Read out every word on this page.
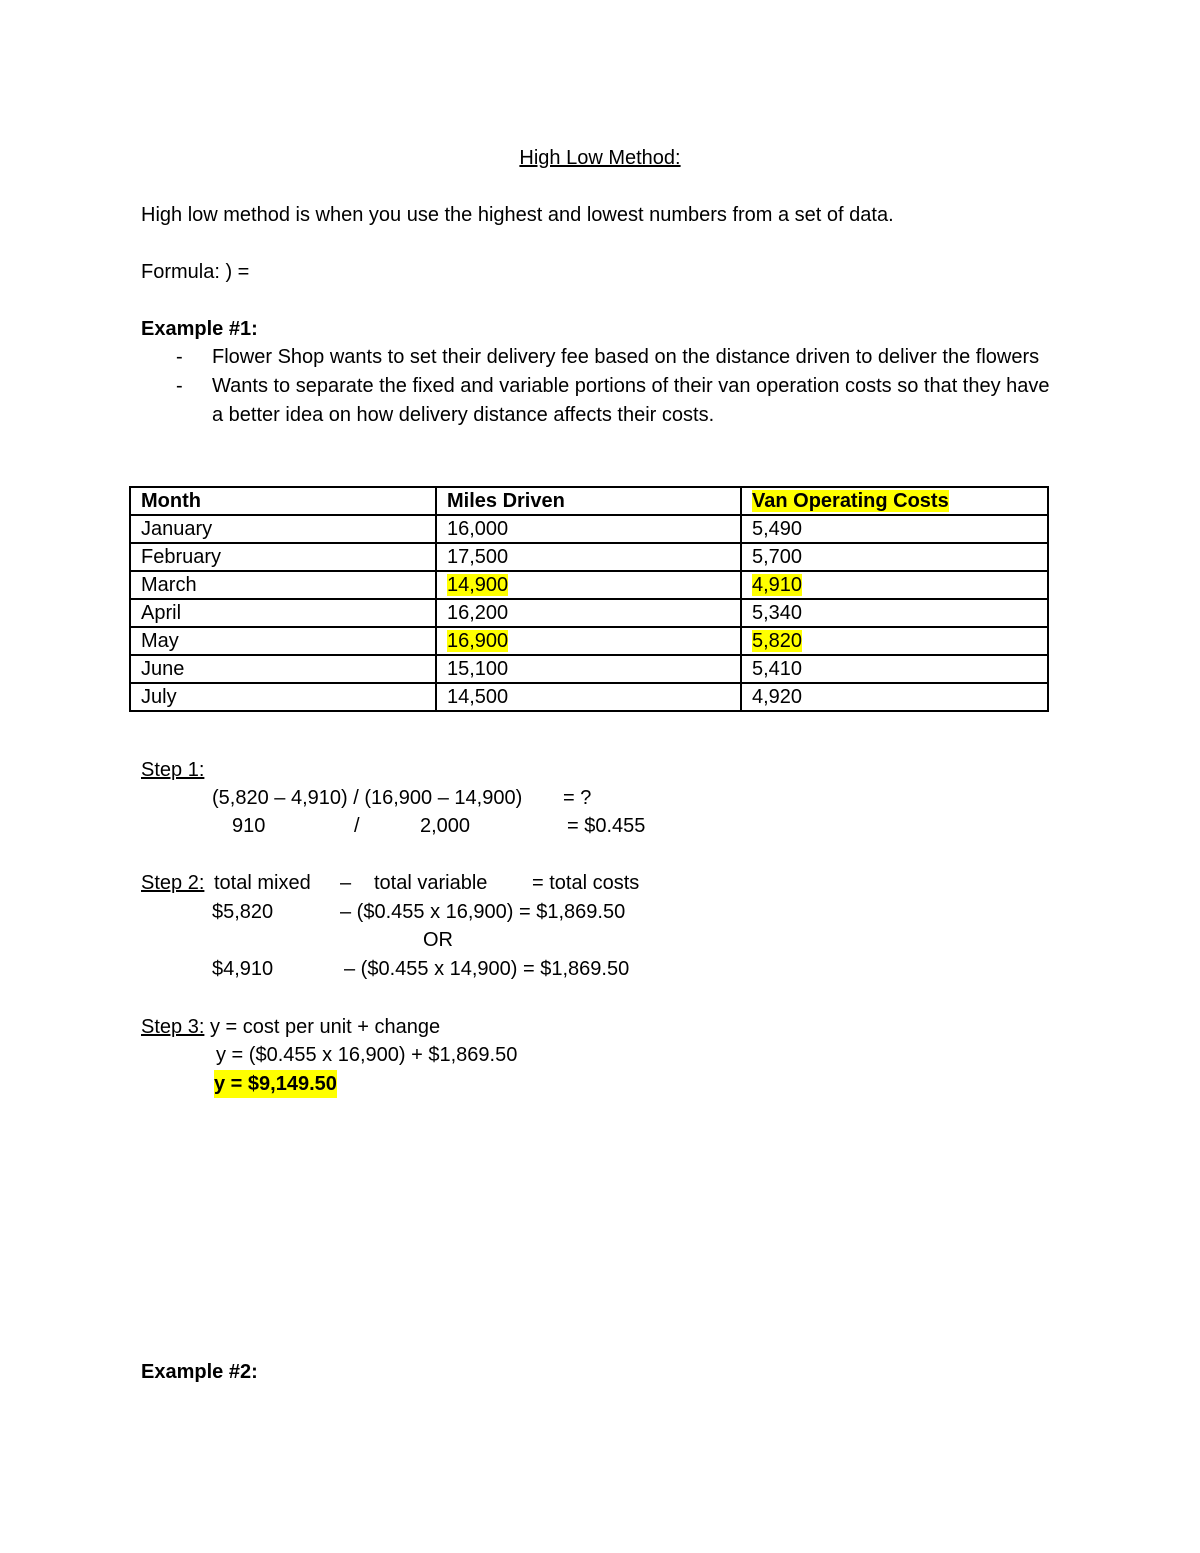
High Low Method:
High low method is when you use the highest and lowest numbers from a set of data.
Formula: ) =
Example #1:
- Flower Shop wants to set their delivery fee based on the distance driven to deliver the flowers
- Wants to separate the fixed and variable portions of their van operation costs so that they have a better idea on how delivery distance affects their costs.
Month	Miles Driven	Van Operating Costs
January	16,000	5,490
February	17,500	5,700
March	14,900	4,910
April	16,200	5,340
May	16,900	5,820
June	15,100	5,410
July	14,500	4,920
Step 1:
(5,820 – 4,910) / (16,900 – 14,900) = ?
910	/	2,000	= $0.455
Step 2: total mixed – total variable = total costs
$5,820	– ($0.455 x 16,900) = $1,869.50
OR
$4,910	– ($0.455 x 14,900) = $1,869.50
Step 3: y = cost per unit + change
y = ($0.455 x 16,900) + $1,869.50
y = $9,149.50
Example #2:
